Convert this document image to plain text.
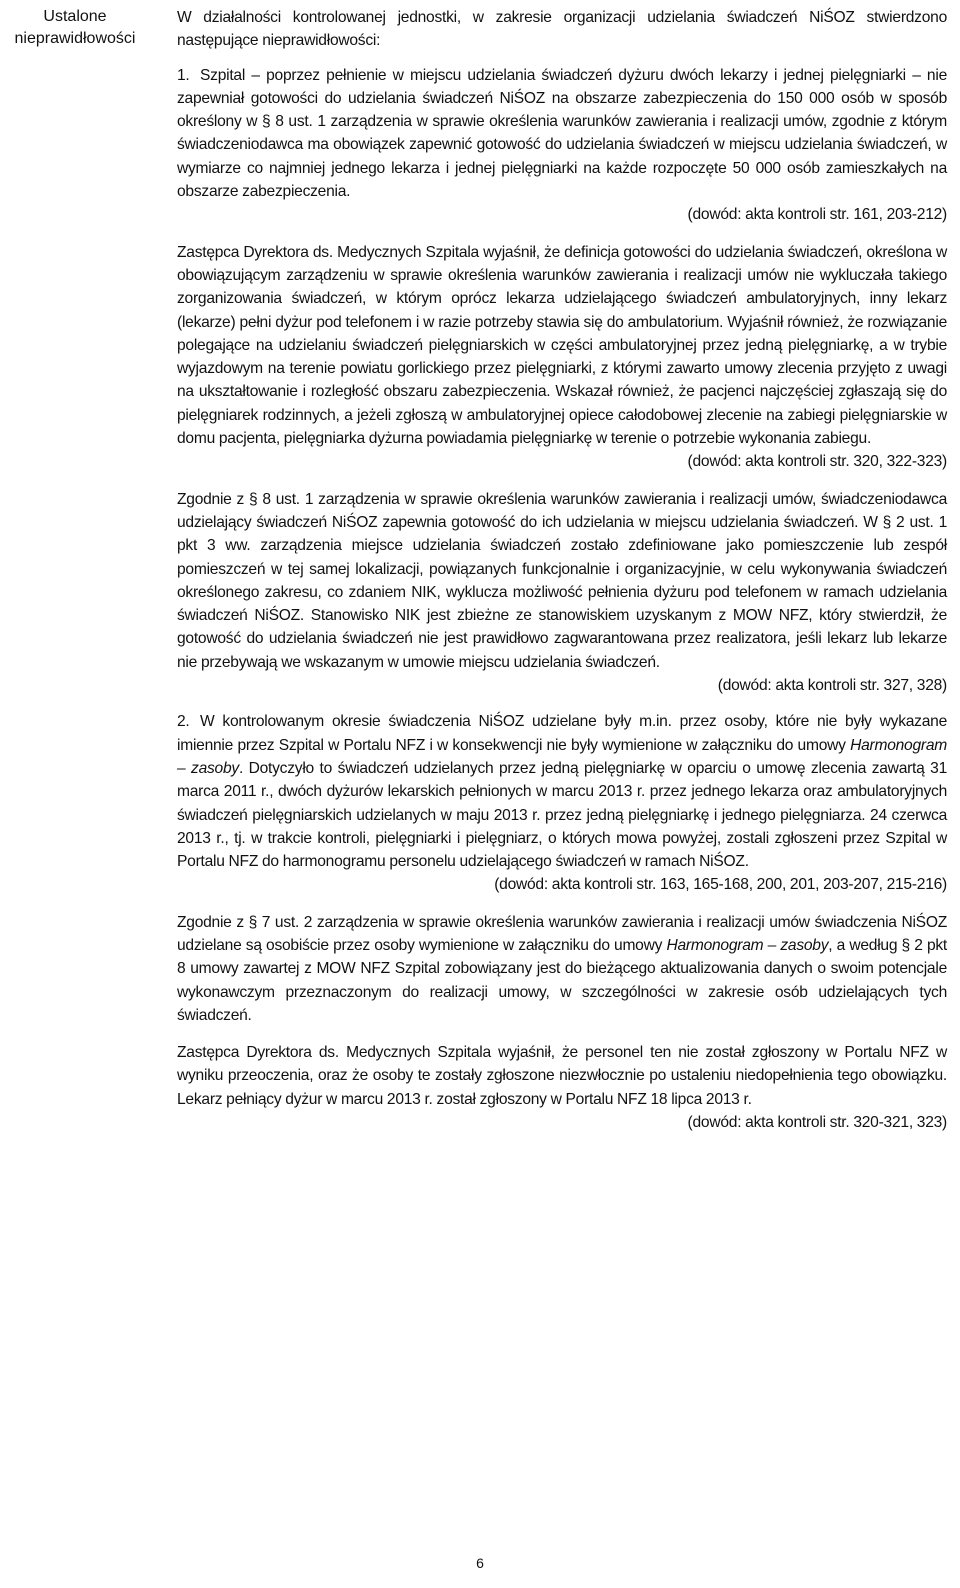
Ustalone nieprawidłowości

W działalności kontrolowanej jednostki, w zakresie organizacji udzielania świadczeń NiŚOZ stwierdzono następujące nieprawidłowości:

1. Szpital – poprzez pełnienie w miejscu udzielania świadczeń dyżuru dwóch lekarzy i jednej pielęgniarki – nie zapewniał gotowości do udzielania świadczeń NiŚOZ na obszarze zabezpieczenia do 150 000 osób w sposób określony w § 8 ust. 1 zarządzenia w sprawie określenia warunków zawierania i realizacji umów, zgodnie z którym świadczeniodawca ma obowiązek zapewnić gotowość do udzielania świadczeń w miejscu udzielania świadczeń, w wymiarze co najmniej jednego lekarza i jednej pielęgniarki na każde rozpoczęte 50 000 osób zamieszkałych na obszarze zabezpieczenia.

(dowód: akta kontroli str. 161, 203-212)

Zastępca Dyrektora ds. Medycznych Szpitala wyjaśnił, że definicja gotowości do udzielania świadczeń, określona w obowiązującym zarządzeniu w sprawie określenia warunków zawierania i realizacji umów nie wykluczała takiego zorganizowania świadczeń, w którym oprócz lekarza udzielającego świadczeń ambulatoryjnych, inny lekarz (lekarze) pełni dyżur pod telefonem i w razie potrzeby stawia się do ambulatorium. Wyjaśnił również, że rozwiązanie polegające na udzielaniu świadczeń pielęgniarskich w części ambulatoryjnej przez jedną pielęgniarkę, a w trybie wyjazdowym na terenie powiatu gorlickiego przez pielęgniarki, z którymi zawarto umowy zlecenia przyjęto z uwagi na ukształtowanie i rozległość obszaru zabezpieczenia. Wskazał również, że pacjenci najczęściej zgłaszają się do pielęgniarek rodzinnych, a jeżeli zgłoszą w ambulatoryjnej opiece całodobowej zlecenie na zabiegi pielęgniarskie w domu pacjenta, pielęgniarka dyżurna powiadamia pielęgniarkę w terenie o potrzebie wykonania zabiegu.

(dowód: akta kontroli str. 320, 322-323)

Zgodnie z § 8 ust. 1 zarządzenia w sprawie określenia warunków zawierania i realizacji umów, świadczeniodawca udzielający świadczeń NiŚOZ zapewnia gotowość do ich udzielania w miejscu udzielania świadczeń. W § 2 ust. 1 pkt 3 ww. zarządzenia miejsce udzielania świadczeń zostało zdefiniowane jako pomieszczenie lub zespół pomieszczeń w tej samej lokalizacji, powiązanych funkcjonalnie i organizacyjnie, w celu wykonywania świadczeń określonego zakresu, co zdaniem NIK, wyklucza możliwość pełnienia dyżuru pod telefonem w ramach udzielania świadczeń NiŚOZ. Stanowisko NIK jest zbieżne ze stanowiskiem uzyskanym z MOW NFZ, który stwierdził, że gotowość do udzielania świadczeń nie jest prawidłowo zagwarantowana przez realizatora, jeśli lekarz lub lekarze nie przebywają we wskazanym w umowie miejscu udzielania świadczeń.

(dowód: akta kontroli str. 327, 328)

2. W kontrolowanym okresie świadczenia NiŚOZ udzielane były m.in. przez osoby, które nie były wykazane imiennie przez Szpital w Portalu NFZ i w konsekwencji nie były wymienione w załączniku do umowy Harmonogram – zasoby. Dotyczyło to świadczeń udzielanych przez jedną pielęgniarkę w oparciu o umowę zlecenia zawartą 31 marca 2011 r., dwóch dyżurów lekarskich pełnionych w marcu 2013 r. przez jednego lekarza oraz ambulatoryjnych świadczeń pielęgniarskich udzielanych w maju 2013 r. przez jedną pielęgniarkę i jednego pielęgniarza. 24 czerwca 2013 r., tj. w trakcie kontroli, pielęgniarki i pielęgniarz, o których mowa powyżej, zostali zgłoszeni przez Szpital w Portalu NFZ do harmonogramu personelu udzielającego świadczeń w ramach NiŚOZ.

(dowód: akta kontroli str. 163, 165-168, 200, 201, 203-207, 215-216)

Zgodnie z § 7 ust. 2 zarządzenia w sprawie określenia warunków zawierania i realizacji umów świadczenia NiŚOZ udzielane są osobiście przez osoby wymienione w załączniku do umowy Harmonogram – zasoby, a według § 2 pkt 8 umowy zawartej z MOW NFZ Szpital zobowiązany jest do bieżącego aktualizowania danych o swoim potencjale wykonawczym przeznaczonym do realizacji umowy, w szczególności w zakresie osób udzielających tych świadczeń.

Zastępca Dyrektora ds. Medycznych Szpitala wyjaśnił, że personel ten nie został zgłoszony w Portalu NFZ w wyniku przeoczenia, oraz że osoby te zostały zgłoszone niezwłocznie po ustaleniu niedopełnienia tego obowiązku. Lekarz pełniący dyżur w marcu 2013 r. został zgłoszony w Portalu NFZ 18 lipca 2013 r.

(dowód: akta kontroli str. 320-321, 323)

6
